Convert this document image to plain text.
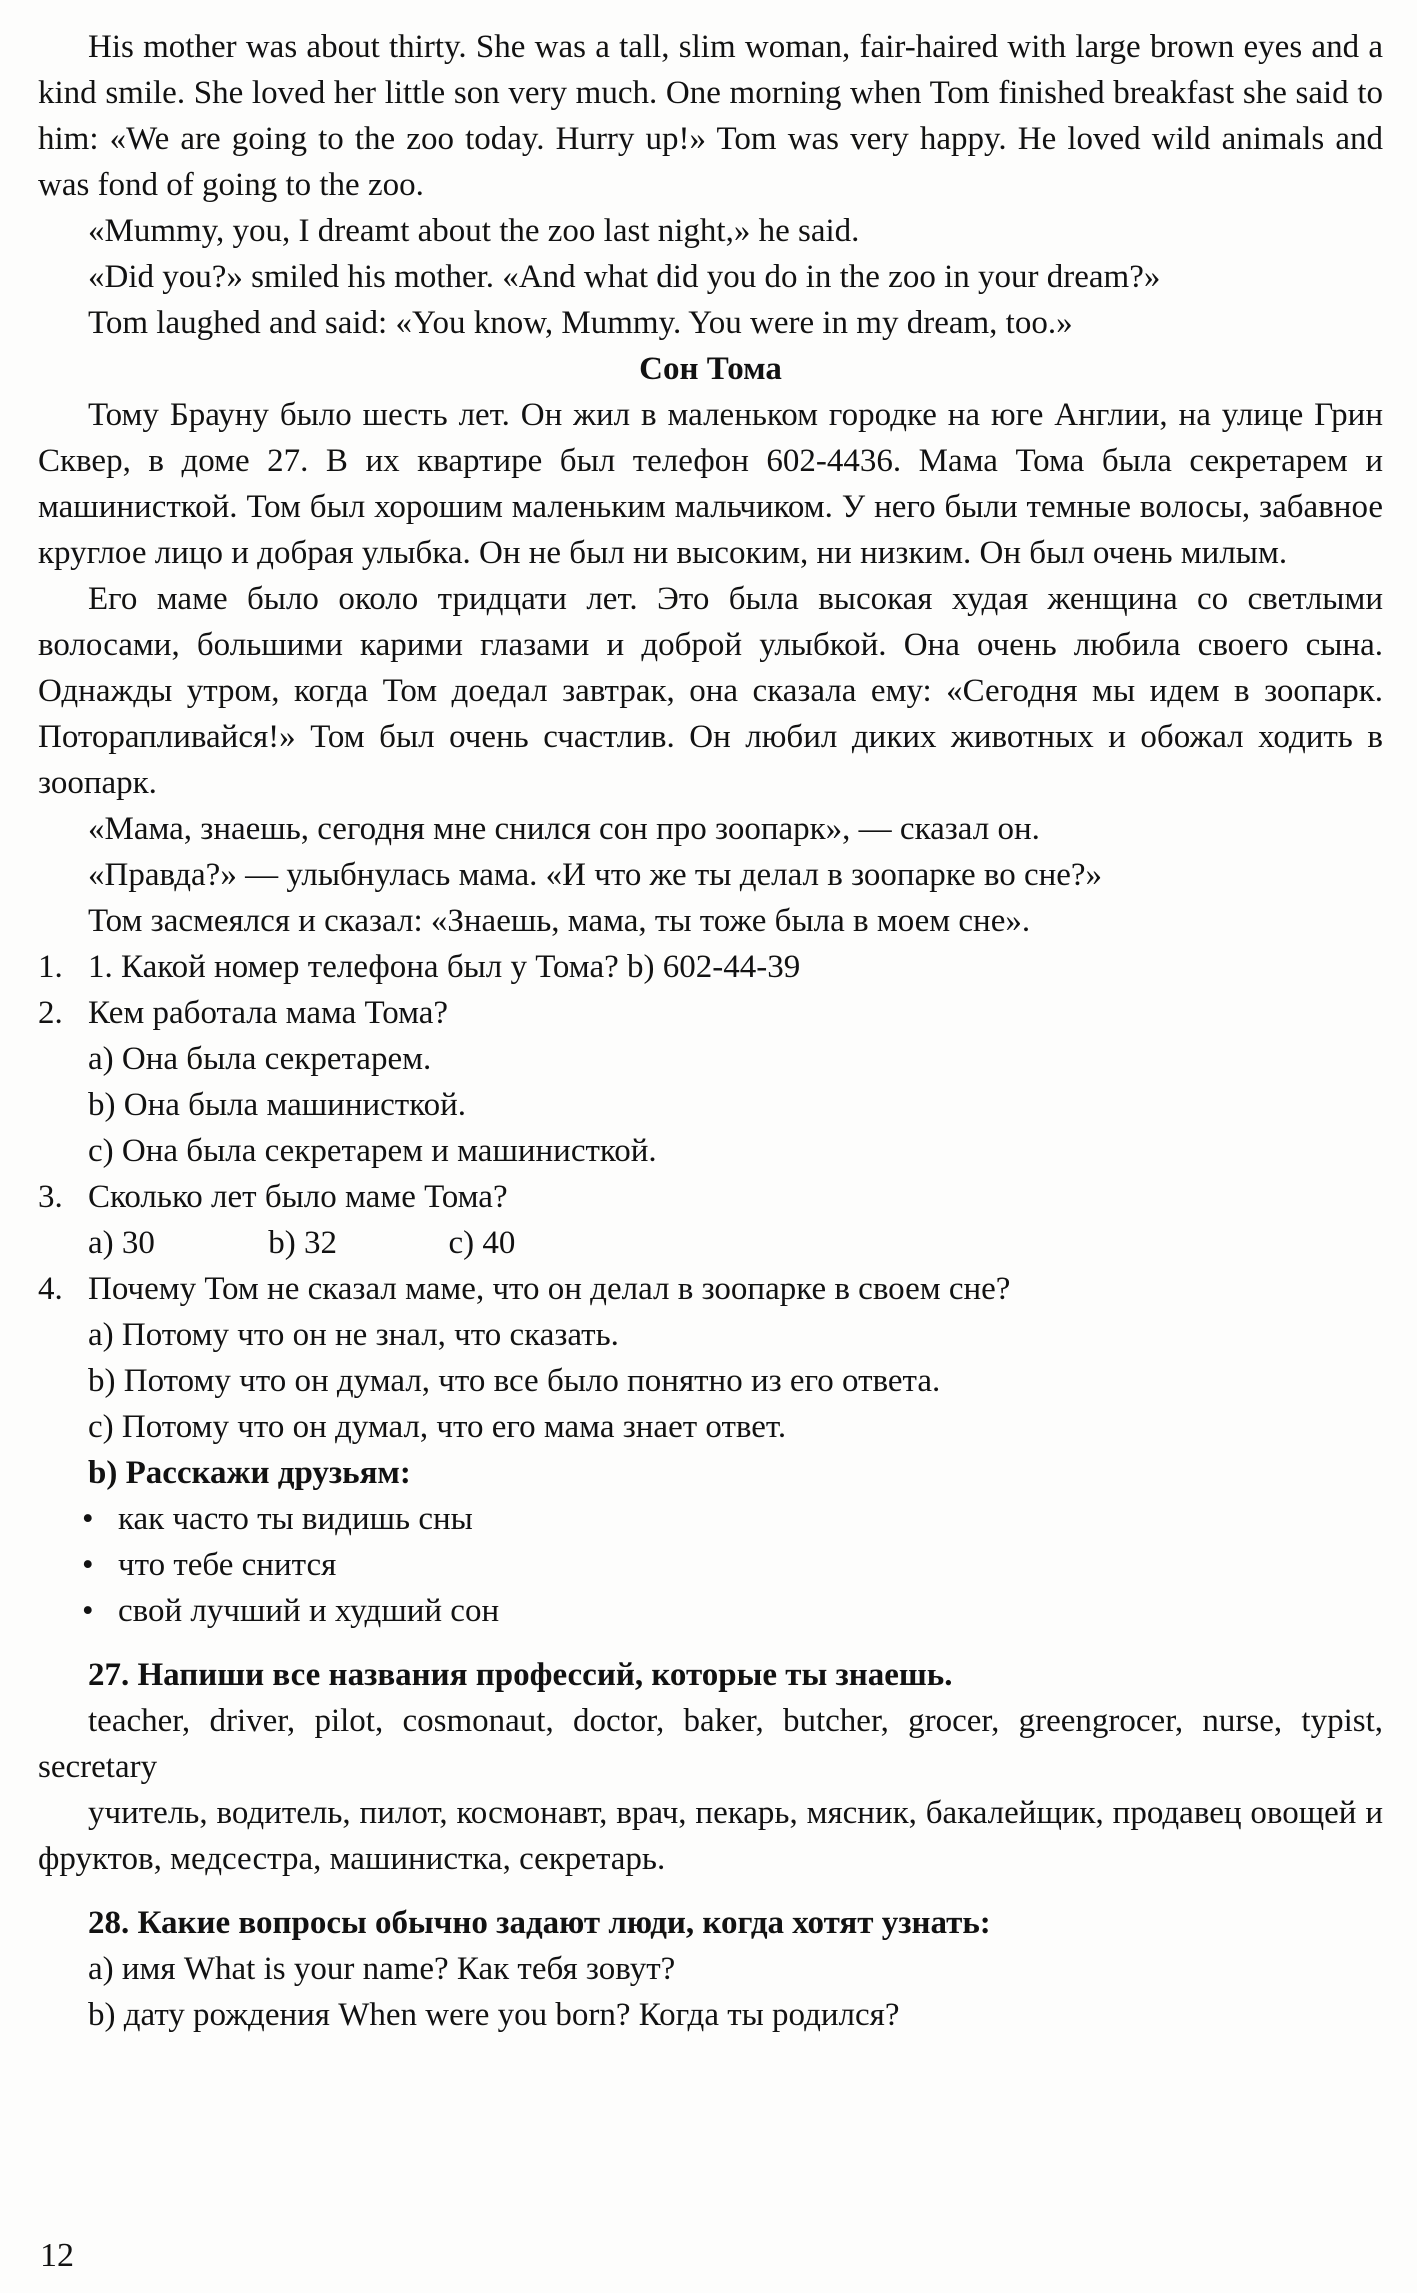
His mother was about thirty. She was a tall, slim woman, fair-haired with large brown eyes and a kind smile. She loved her little son very much. One morning when Tom finished breakfast she said to him: «We are going to the zoo today. Hurry up!» Tom was very happy. He loved wild animals and was fond of going to the zoo.

«Mummy, you, I dreamt about the zoo last night,» he said.

«Did you?» smiled his mother. «And what did you do in the zoo in your dream?»

Tom laughed and said: «You know, Mummy. You were in my dream, too.»

Сон Тома

Тому Брауну было шесть лет. Он жил в маленьком городке на юге Англии, на улице Грин Сквер, в доме 27. В их квартире был телефон 602-4436. Мама Тома была секретарем и машинисткой. Том был хорошим маленьким мальчиком. У него были темные волосы, забавное круглое лицо и добрая улыбка. Он не был ни высоким, ни низким. Он был очень милым.

Его маме было около тридцати лет. Это была высокая худая женщина со светлыми волосами, большими карими глазами и доброй улыбкой. Она очень любила своего сына. Однажды утром, когда Том доедал завтрак, она сказала ему: «Сегодня мы идем в зоопарк. Поторапливайся!» Том был очень счастлив. Он любил диких животных и обожал ходить в зоопарк.

«Мама, знаешь, сегодня мне снился сон про зоопарк», — сказал он.

«Правда?» — улыбнулась мама. «И что же ты делал в зоопарке во сне?»

Том засмеялся и сказал: «Знаешь, мама, ты тоже была в моем сне».

1. 1. Какой номер телефона был у Тома? b) 602-44-39
2. Кем работала мама Тома?
a) Она была секретарем.
b) Она была машинисткой.
c) Она была секретарем и машинисткой.
3. Сколько лет было маме Тома?
a) 30	b) 32	c) 40
4. Почему Том не сказал маме, что он делал в зоопарке в своем сне?
a) Потому что он не знал, что сказать.
b) Потому что он думал, что все было понятно из его ответа.
c) Потому что он думал, что его мама знает ответ.
b) Расскажи друзьям:
•
как часто ты видишь сны
•
что тебе снится
•
свой лучший и худший сон
27. Напиши все названия профессий, которые ты знаешь.

teacher, driver, pilot, cosmonaut, doctor, baker, butcher, grocer, greengrocer, nurse, typist, secretary

учитель, водитель, пилот, космонавт, врач, пекарь, мясник, бакалейщик, продавец овощей и фруктов, медсестра, машинистка, секретарь.

28. Какие вопросы обычно задают люди, когда хотят узнать:
a) имя What is your name? Как тебя зовут?
b) дату рождения When were you born? Когда ты родился?
12
